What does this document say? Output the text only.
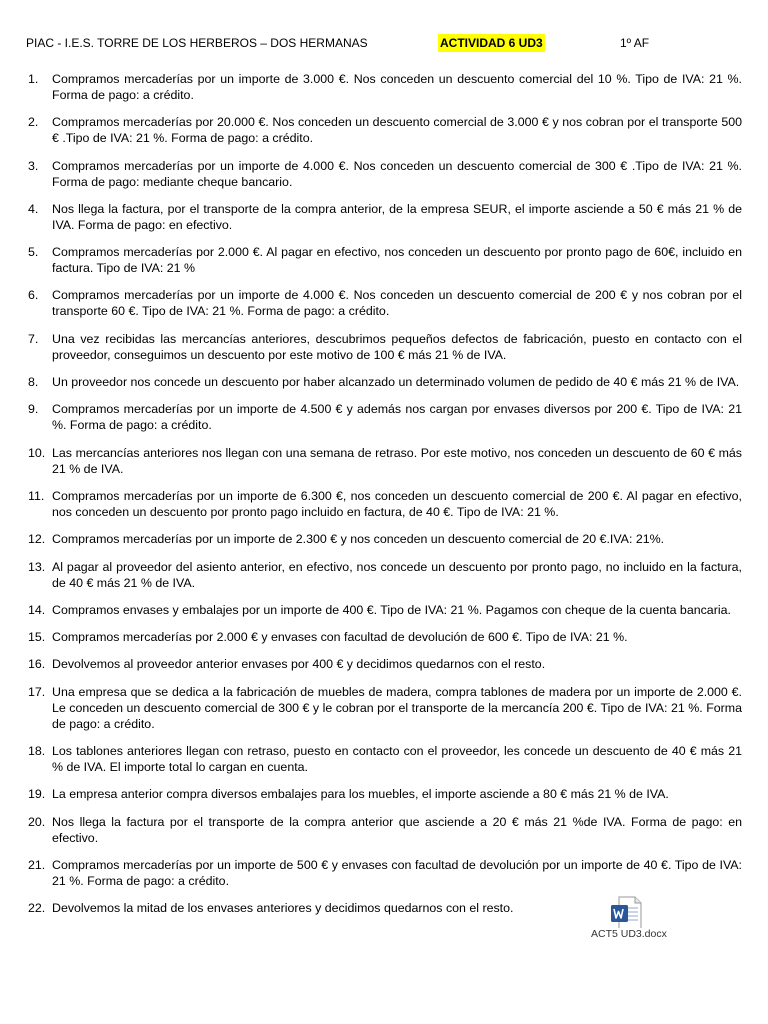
PIAC - I.E.S. TORRE DE LOS HERBEROS – DOS HERMANAS	ACTIVIDAD 6 UD3	1º AF
1.	Compramos mercaderías por un importe de 3.000 €. Nos conceden un descuento comercial del 10 %. Tipo de IVA: 21 %. Forma de pago: a crédito.
2.	Compramos mercaderías por 20.000 €. Nos conceden un descuento comercial de 3.000 € y nos cobran por el transporte 500 € .Tipo de IVA: 21 %. Forma de pago: a crédito.
3.	Compramos mercaderías por un importe de 4.000 €. Nos conceden un descuento comercial de 300 € .Tipo de IVA: 21 %. Forma de pago: mediante cheque bancario.
4.	Nos llega la factura, por el transporte de la compra anterior, de la empresa SEUR, el importe asciende a 50 € más 21 % de IVA. Forma de pago: en efectivo.
5.	Compramos mercaderías por 2.000 €. Al pagar en efectivo, nos conceden un descuento por pronto pago de 60€, incluido en factura. Tipo de IVA: 21 %
6.	Compramos mercaderías por un importe de 4.000 €. Nos conceden un descuento comercial de 200 € y nos cobran por el transporte 60 €. Tipo de IVA: 21 %. Forma de pago: a crédito.
7.	Una vez recibidas las mercancías anteriores, descubrimos pequeños defectos de fabricación, puesto en contacto con el proveedor, conseguimos un descuento por este motivo de 100 € más 21 % de IVA.
8.	Un proveedor nos concede un descuento por haber alcanzado un determinado volumen de pedido de 40 € más 21 % de IVA.
9.	Compramos mercaderías por un importe de 4.500 € y además nos cargan por envases diversos por 200 €. Tipo de IVA: 21 %. Forma de pago: a crédito.
10. Las mercancías anteriores nos llegan con una semana de retraso. Por este motivo, nos conceden un descuento de 60 € más 21 % de IVA.
11. Compramos mercaderías por un importe de 6.300 €, nos conceden un descuento comercial de 200 €. Al pagar en efectivo, nos conceden un descuento por pronto pago incluido en factura, de 40 €. Tipo de IVA: 21 %.
12. Compramos mercaderías por un importe de 2.300 € y nos conceden un descuento comercial de 20 €.IVA: 21%.
13. Al pagar al proveedor del asiento anterior, en efectivo, nos concede un descuento por pronto pago, no incluido en la factura, de 40 € más 21 % de IVA.
14. Compramos envases y embalajes por un importe de 400 €. Tipo de IVA: 21 %. Pagamos con cheque de la cuenta bancaria.
15. Compramos mercaderías por 2.000 € y envases con facultad de devolución de 600 €. Tipo de IVA: 21 %.
16. Devolvemos al proveedor anterior envases por 400 € y decidimos quedarnos con el resto.
17. Una empresa que se dedica a la fabricación de muebles de madera, compra tablones de madera por un importe de 2.000 €. Le conceden un descuento comercial de 300 € y le cobran por el transporte de la mercancía 200 €. Tipo de IVA: 21 %. Forma de pago: a crédito.
18. Los tablones anteriores llegan con retraso, puesto en contacto con el proveedor, les concede un descuento de 40 € más 21 % de IVA. El importe total lo cargan en cuenta.
19. La empresa anterior compra diversos embalajes para los muebles, el importe asciende a 80 € más 21 % de IVA.
20. Nos llega la factura por el transporte de la compra anterior que asciende a 20 € más 21 %de IVA. Forma de pago: en efectivo.
21. Compramos mercaderías por un importe de 500 € y envases con facultad de devolución por un importe de 40 €. Tipo de IVA: 21 %. Forma de pago: a crédito.
22. Devolvemos la mitad de los envases anteriores y decidimos quedarnos con el resto.
ACT5 UD3.docx
